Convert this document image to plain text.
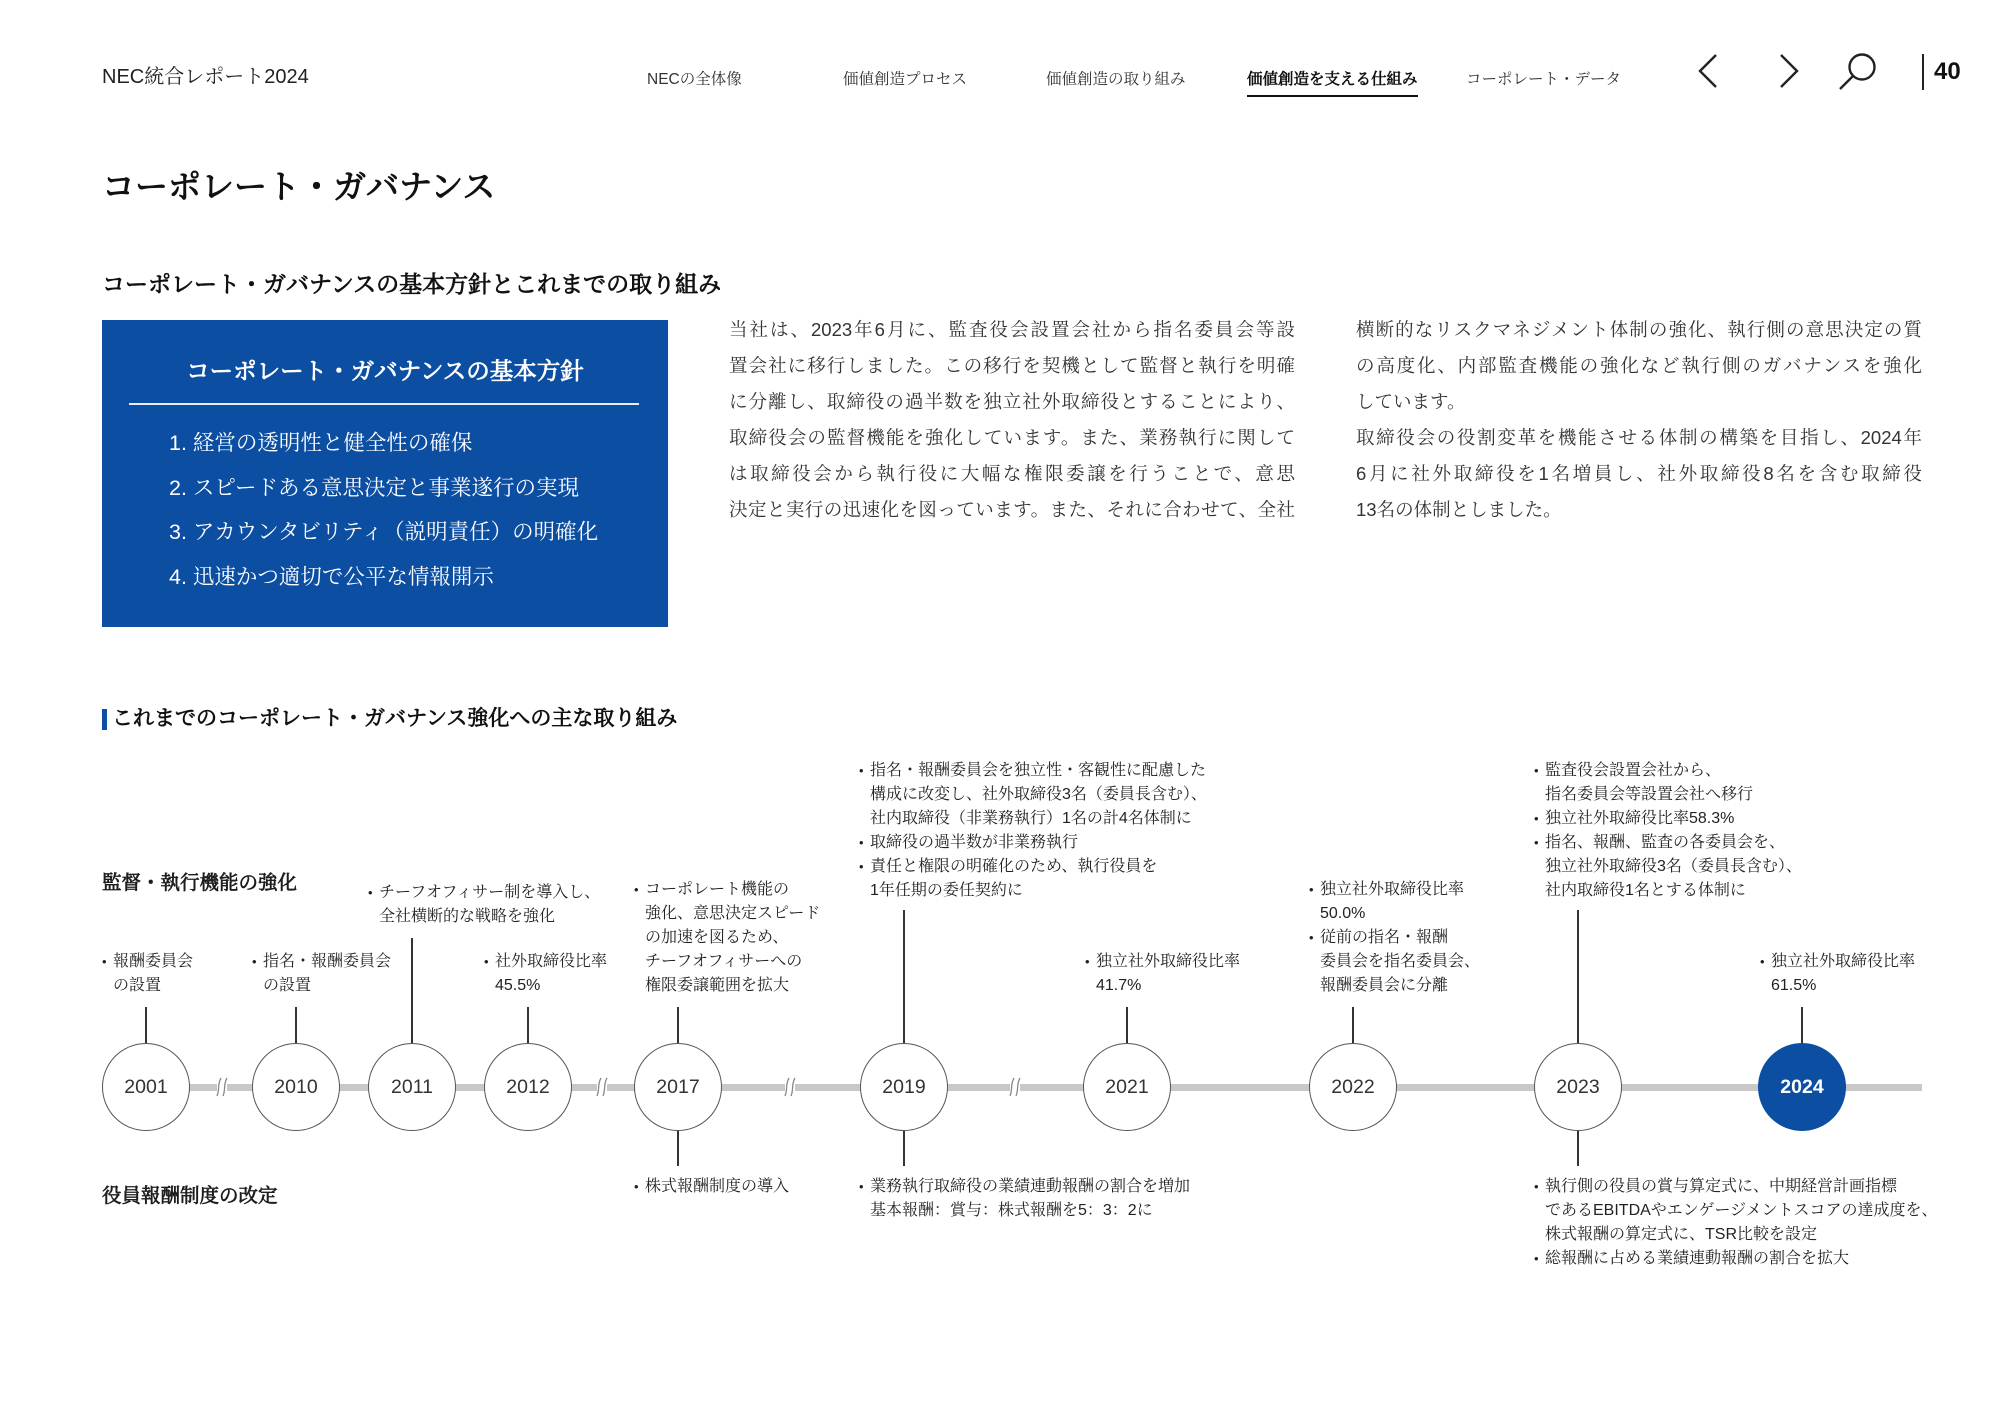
NEC統合レポート2024	NECの全体像	価値創造プロセス	価値創造の取り組み	価値創造を支える仕組み	コーポレート・データ	40
コーポレート・ガバナンス
コーポレート・ガバナンスの基本方針とこれまでの取り組み
コーポレート・ガバナンスの基本方針
1. 経営の透明性と健全性の確保
2. スピードある意思決定と事業遂行の実現
3. アカウンタビリティ（説明責任）の明確化
4. 迅速かつ適切で公平な情報開示
当社は、2023年6月に、監査役会設置会社から指名委員会等設
置会社に移行しました。この移行を契機として監督と執行を明確
に分離し、取締役の過半数を独立社外取締役とすることにより、
取締役会の監督機能を強化しています。また、業務執行に関して
は取締役会から執行役に大幅な権限委譲を行うことで、意思
決定と実行の迅速化を図っています。また、それに合わせて、全社
横断的なリスクマネジメント体制の強化、執行側の意思決定の質
の高度化、内部監査機能の強化など執行側のガバナンスを強化
しています。
取締役会の役割変革を機能させる体制の構築を目指し、2024年
6月に社外取締役を1名増員し、社外取締役8名を含む取締役
13名の体制としました。
これまでのコーポレート・ガバナンス強化への主な取り組み
監督・執行機能の強化
役員報酬制度の改定
2001	2010	2011	2012	2017	2019	2021	2022	2023	2024
• 報酬委員会
の設置
• 指名・報酬委員会
の設置
• チーフオフィサー制を導入し、
全社横断的な戦略を強化
• 社外取締役比率
45.5%
• コーポレート機能の
強化、意思決定スピード
の加速を図るため、
チーフオフィサーへの
権限委譲範囲を拡大
• 指名・報酬委員会を独立性・客観性に配慮した
構成に改変し、社外取締役3名（委員長含む）、
社内取締役（非業務執行）1名の計4名体制に
• 取締役の過半数が非業務執行
• 責任と権限の明確化のため、執行役員を
1年任期の委任契約に
• 独立社外取締役比率
41.7%
• 独立社外取締役比率
50.0%
• 従前の指名・報酬
委員会を指名委員会、
報酬委員会に分離
• 監査役会設置会社から、
指名委員会等設置会社へ移行
• 独立社外取締役比率58.3%
• 指名、報酬、監査の各委員会を、
独立社外取締役3名（委員長含む）、
社内取締役1名とする体制に
• 独立社外取締役比率
61.5%
• 株式報酬制度の導入
•	業務執行取締役の業績連動報酬の割合を増加
基本報酬：賞与：株式報酬を5：3：2に
• 執行側の役員の賞与算定式に、中期経営計画指標
であるEBITDAやエンゲージメントスコアの達成度を、
株式報酬の算定式に、TSR比較を設定
• 総報酬に占める業績連動報酬の割合を拡大
